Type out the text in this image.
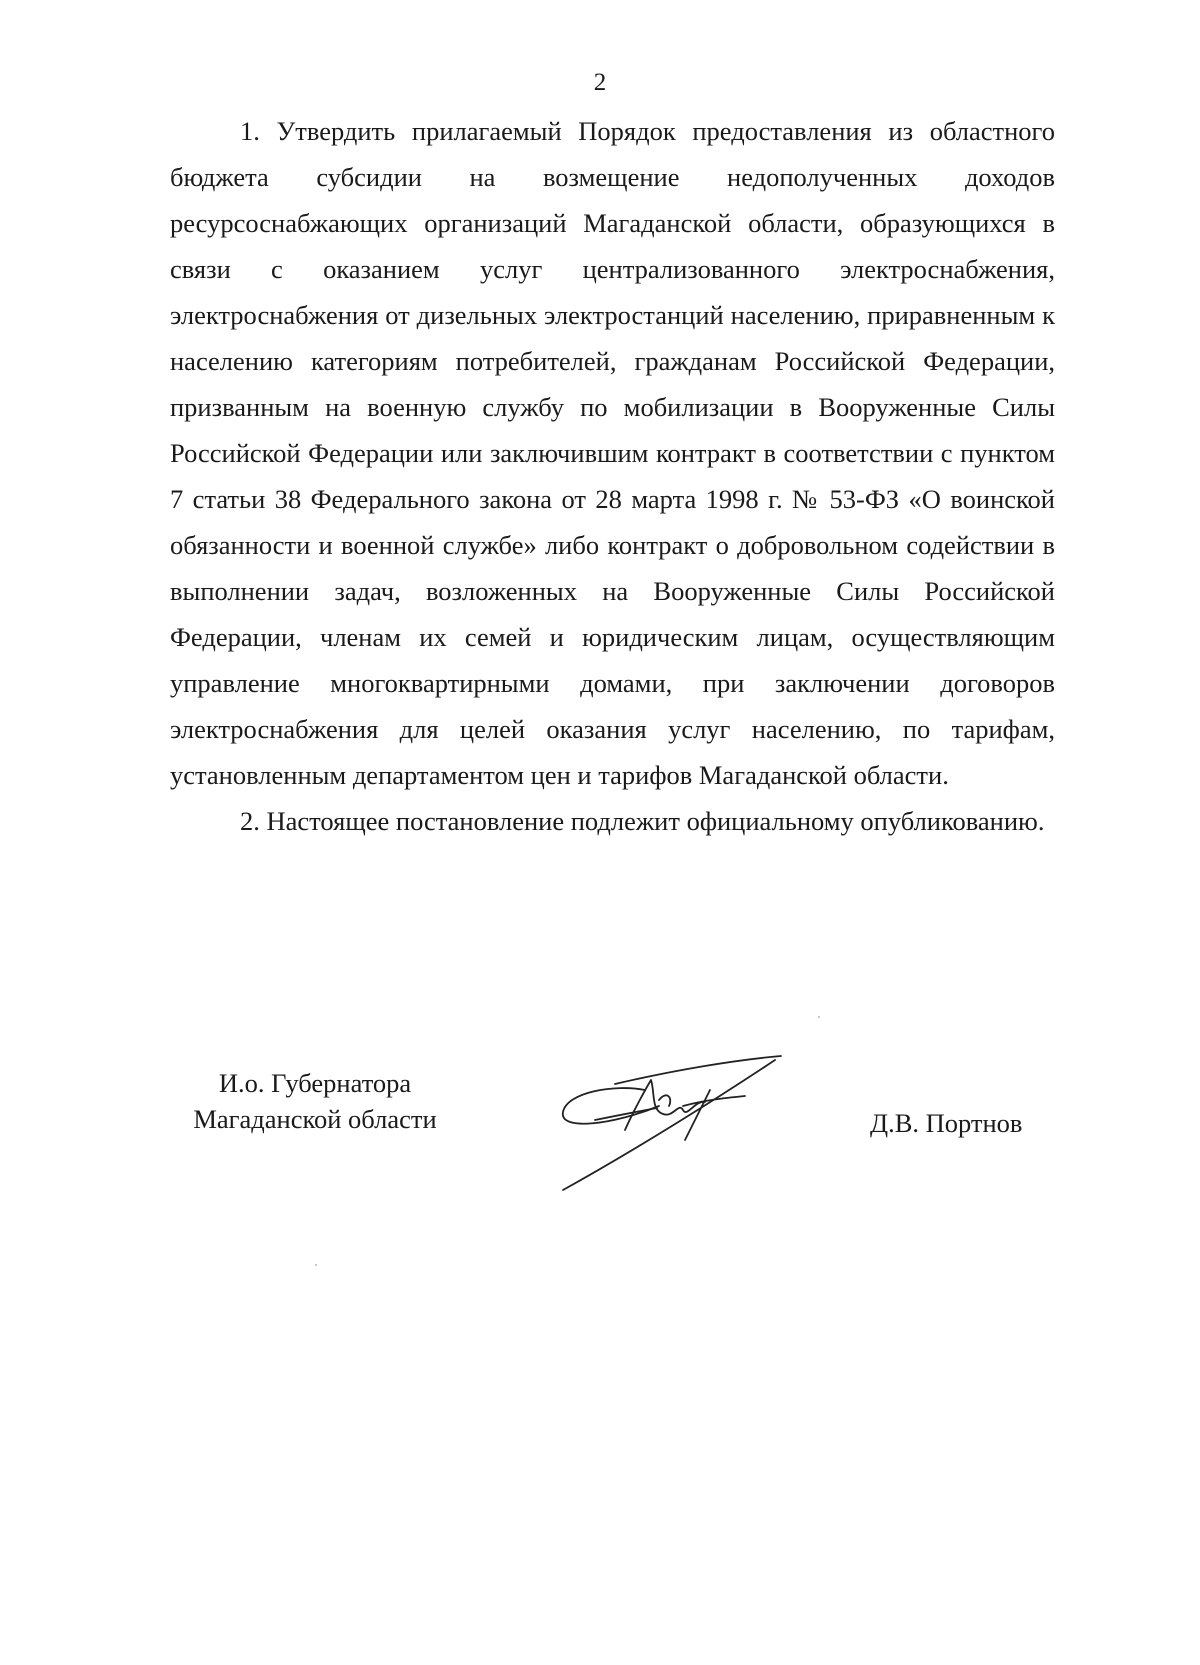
2

1. Утвердить прилагаемый Порядок предоставления из областного бюджета субсидии на возмещение недополученных доходов ресурсоснабжающих организаций Магаданской области, образующихся в связи с оказанием услуг централизованного электроснабжения, электроснабжения от дизельных электростанций населению, приравненным к населению категориям потребителей, гражданам Российской Федерации, призванным на военную службу по мобилизации в Вооруженные Силы Российской Федерации или заключившим контракт в соответствии с пунктом 7 статьи 38 Федерального закона от 28 марта 1998 г. № 53-ФЗ «О воинской обязанности и военной службе» либо контракт о добровольном содействии в выполнении задач, возложенных на Вооруженные Силы Российской Федерации, членам их семей и юридическим лицам, осуществляющим управление многоквартирными домами, при заключении договоров электроснабжения для целей оказания услуг населению, по тарифам, установленным департаментом цен и тарифов Магаданской области.

2. Настоящее постановление подлежит официальному опубликованию.

И.о. Губернатора
Магаданской области	Д.В. Портнов
